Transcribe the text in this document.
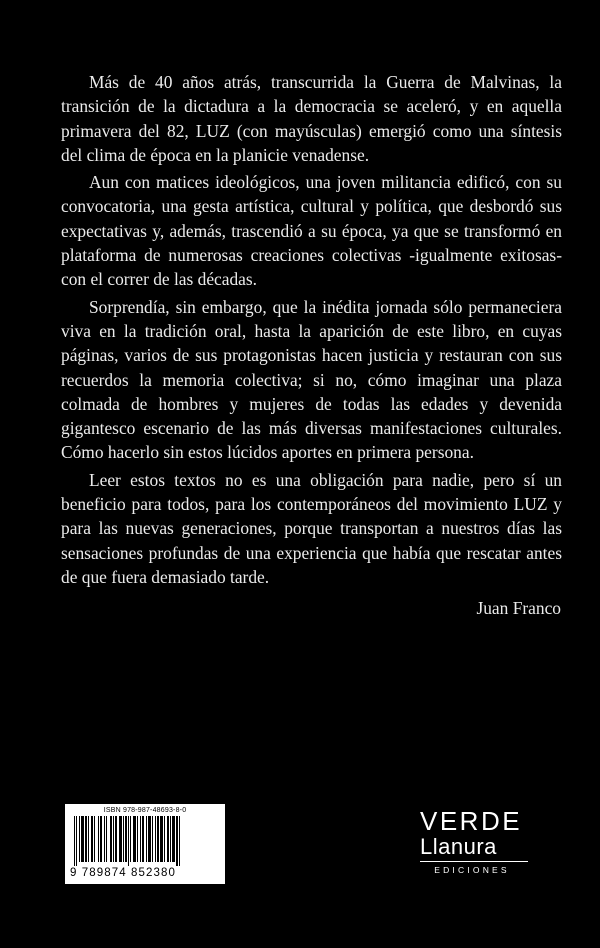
Más de 40 años atrás, transcurrida la Guerra de Malvinas, la transición de la dictadura a la democracia se aceleró, y en aquella primavera del 82, LUZ (con mayúsculas) emergió como una síntesis del clima de época en la planicie venadense.

Aun con matices ideológicos, una joven militancia edificó, con su convocatoria, una gesta artística, cultural y política, que desbordó sus expectativas y, además, trascendió a su época, ya que se transformó en plataforma de numerosas creaciones colectivas -igualmente exitosas- con el correr de las décadas.

Sorprendía, sin embargo, que la inédita jornada sólo permaneciera viva en la tradición oral, hasta la aparición de este libro, en cuyas páginas, varios de sus protagonistas hacen justicia y restauran con sus recuerdos la memoria colectiva; si no, cómo imaginar una plaza colmada de hombres y mujeres de todas las edades y devenida gigantesco escenario de las más diversas manifestaciones culturales. Cómo hacerlo sin estos lúcidos aportes en primera persona.

Leer estos textos no es una obligación para nadie, pero sí un beneficio para todos, para los contemporáneos del movimiento LUZ y para las nuevas generaciones, porque transportan a nuestros días las sensaciones profundas de una experiencia que había que rescatar antes de que fuera demasiado tarde.

Juan Franco
ISBN 978-987-48693-8-0
9 789874 852380
VERDE
Llanura
EDICIONES
